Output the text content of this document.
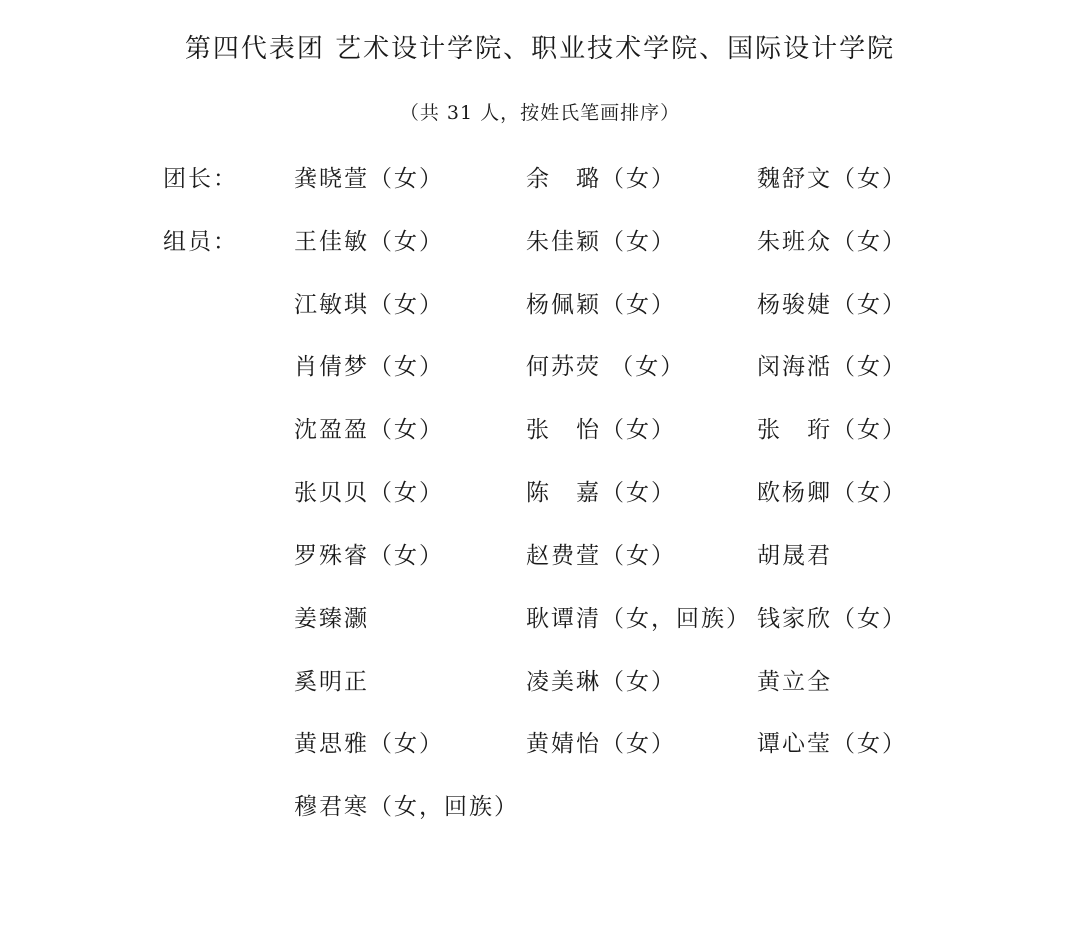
第四代表团 艺术设计学院、职业技术学院、国际设计学院
（共 31 人，按姓氏笔画排序）
团长： 龚晓萱（女）	余　璐（女）	魏舒文（女）
组员： 王佳敏（女）	朱佳颖（女）	朱班众（女）
江敏琪（女）	杨佩颖（女）	杨骏婕（女）
肖倩梦（女）	何苏荧 （女）	闵海湉（女）
沈盈盈（女）	张　怡（女）	张　珩（女）
张贝贝（女）	陈　嘉（女）	欧杨卿（女）
罗殊睿（女）	赵费萱（女）	胡晟君
姜臻灏	耿谭清（女，回族） 钱家欣（女）
奚明正	凌美琳（女）	黄立全
黄思雅（女）	黄婧怡（女）	谭心莹（女）
穆君寒（女，回族）
